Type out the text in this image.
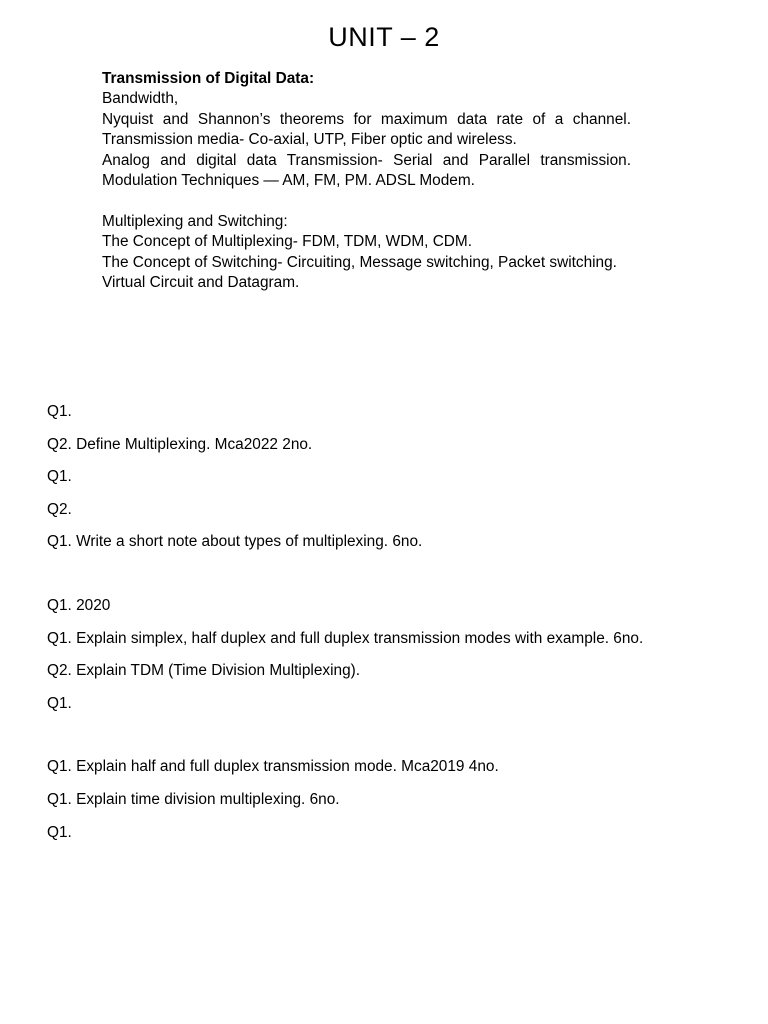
UNIT – 2
Transmission of Digital Data:
Bandwidth,
Nyquist and Shannon’s theorems for maximum data rate of a channel.
Transmission media- Co-axial, UTP, Fiber optic and wireless.
Analog and digital data Transmission- Serial and Parallel transmission.
Modulation Techniques — AM, FM, PM. ADSL Modem.
Multiplexing and Switching:
The Concept of Multiplexing- FDM, TDM, WDM, CDM.
The Concept of Switching- Circuiting, Message switching, Packet switching.
Virtual Circuit and Datagram.
Q1.
Q2. Define Multiplexing. Mca2022 2no.
Q1.
Q2.
Q1. Write a short note about types of multiplexing. 6no.
Q1. 2020
Q1. Explain simplex, half duplex and full duplex transmission modes with example. 6no.
Q2. Explain TDM (Time Division Multiplexing).
Q1.
Q1. Explain half and full duplex transmission mode. Mca2019 4no.
Q1. Explain time division multiplexing. 6no.
Q1.
